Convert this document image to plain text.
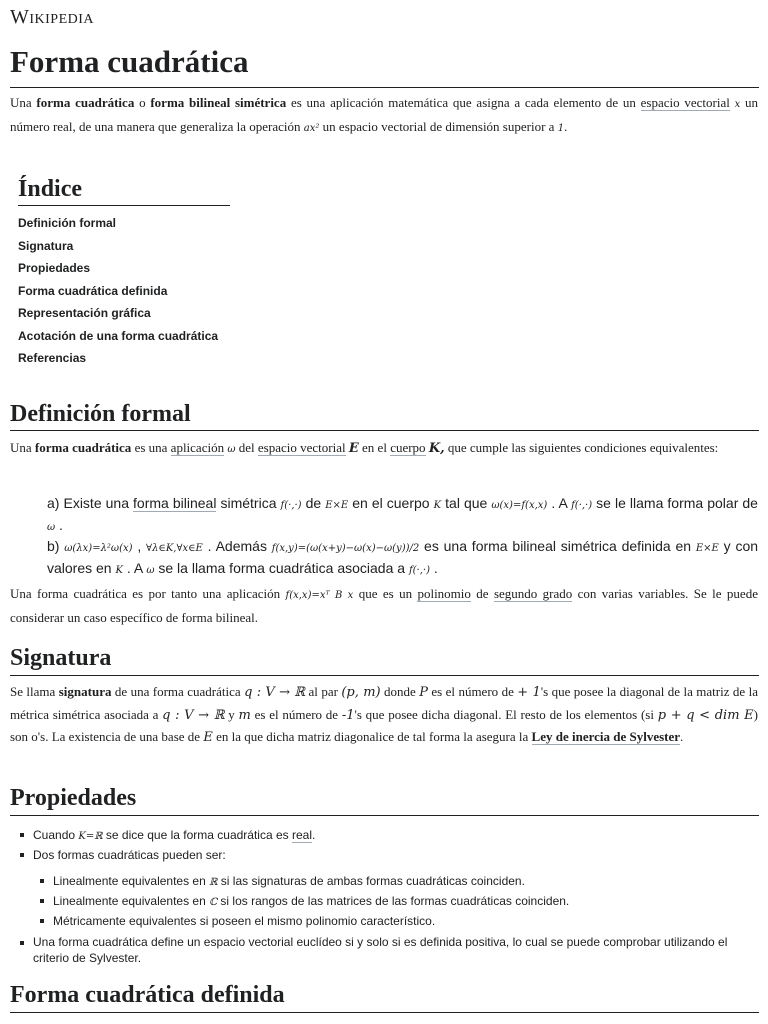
Wikipedia
Forma cuadrática

Una forma cuadrática o forma bilineal simétrica es una aplicación matemática que asigna a cada elemento de un espacio vectorial x un número real, de una manera que generaliza la operación ax² un espacio vectorial de dimensión superior a 1.

Índice
Definición formal
Signatura
Propiedades
Forma cuadrática definida
Representación gráfica
Acotación de una forma cuadrática
Referencias
Definición formal

Una forma cuadrática es una aplicación ω del espacio vectorial E en el cuerpo K, que cumple las siguientes condiciones equivalentes:

a) Existe una forma bilineal simétrica f(·,·) de E×E en el cuerpo K tal que ω(x)=f(x,x) . A f(·,·) se le llama forma polar de ω .

b) ω(λx)=λ²ω(x) , ∀λ∈K,∀x∈E . Además f(x,y)=(ω(x+y)−ω(x)−ω(y))/2 es una forma bilineal simétrica definida en E×E y con valores en K . A ω se la llama forma cuadrática asociada a f(·,·) .

Una forma cuadrática es por tanto una aplicación f(x,x)=xᵀ B x que es un polinomio de segundo grado con varias variables. Se le puede considerar un caso específico de forma bilineal.

Signatura

Se llama signatura de una forma cuadrática q : V → ℝ al par (p, m) donde P es el número de + 1's que posee la diagonal de la matriz de la métrica simétrica asociada a q : V → ℝ y m es el número de -1's que posee dicha diagonal. El resto de los elementos (si p + q < dim E) son o's. La existencia de una base de E en la que dicha matriz diagonalice de tal forma la asegura la Ley de inercia de Sylvester.

Propiedades
Cuando K=ℝ se dice que la forma cuadrática es real.
Dos formas cuadráticas pueden ser:
Linealmente equivalentes en ℝ si las signaturas de ambas formas cuadráticas coinciden.
Linealmente equivalentes en ℂ si los rangos de las matrices de las formas cuadráticas coinciden.
Métricamente equivalentes si poseen el mismo polinomio característico.
Una forma cuadrática define un espacio vectorial euclídeo si y solo si es definida positiva, lo cual se puede comprobar utilizando el criterio de Sylvester.
Forma cuadrática definida
